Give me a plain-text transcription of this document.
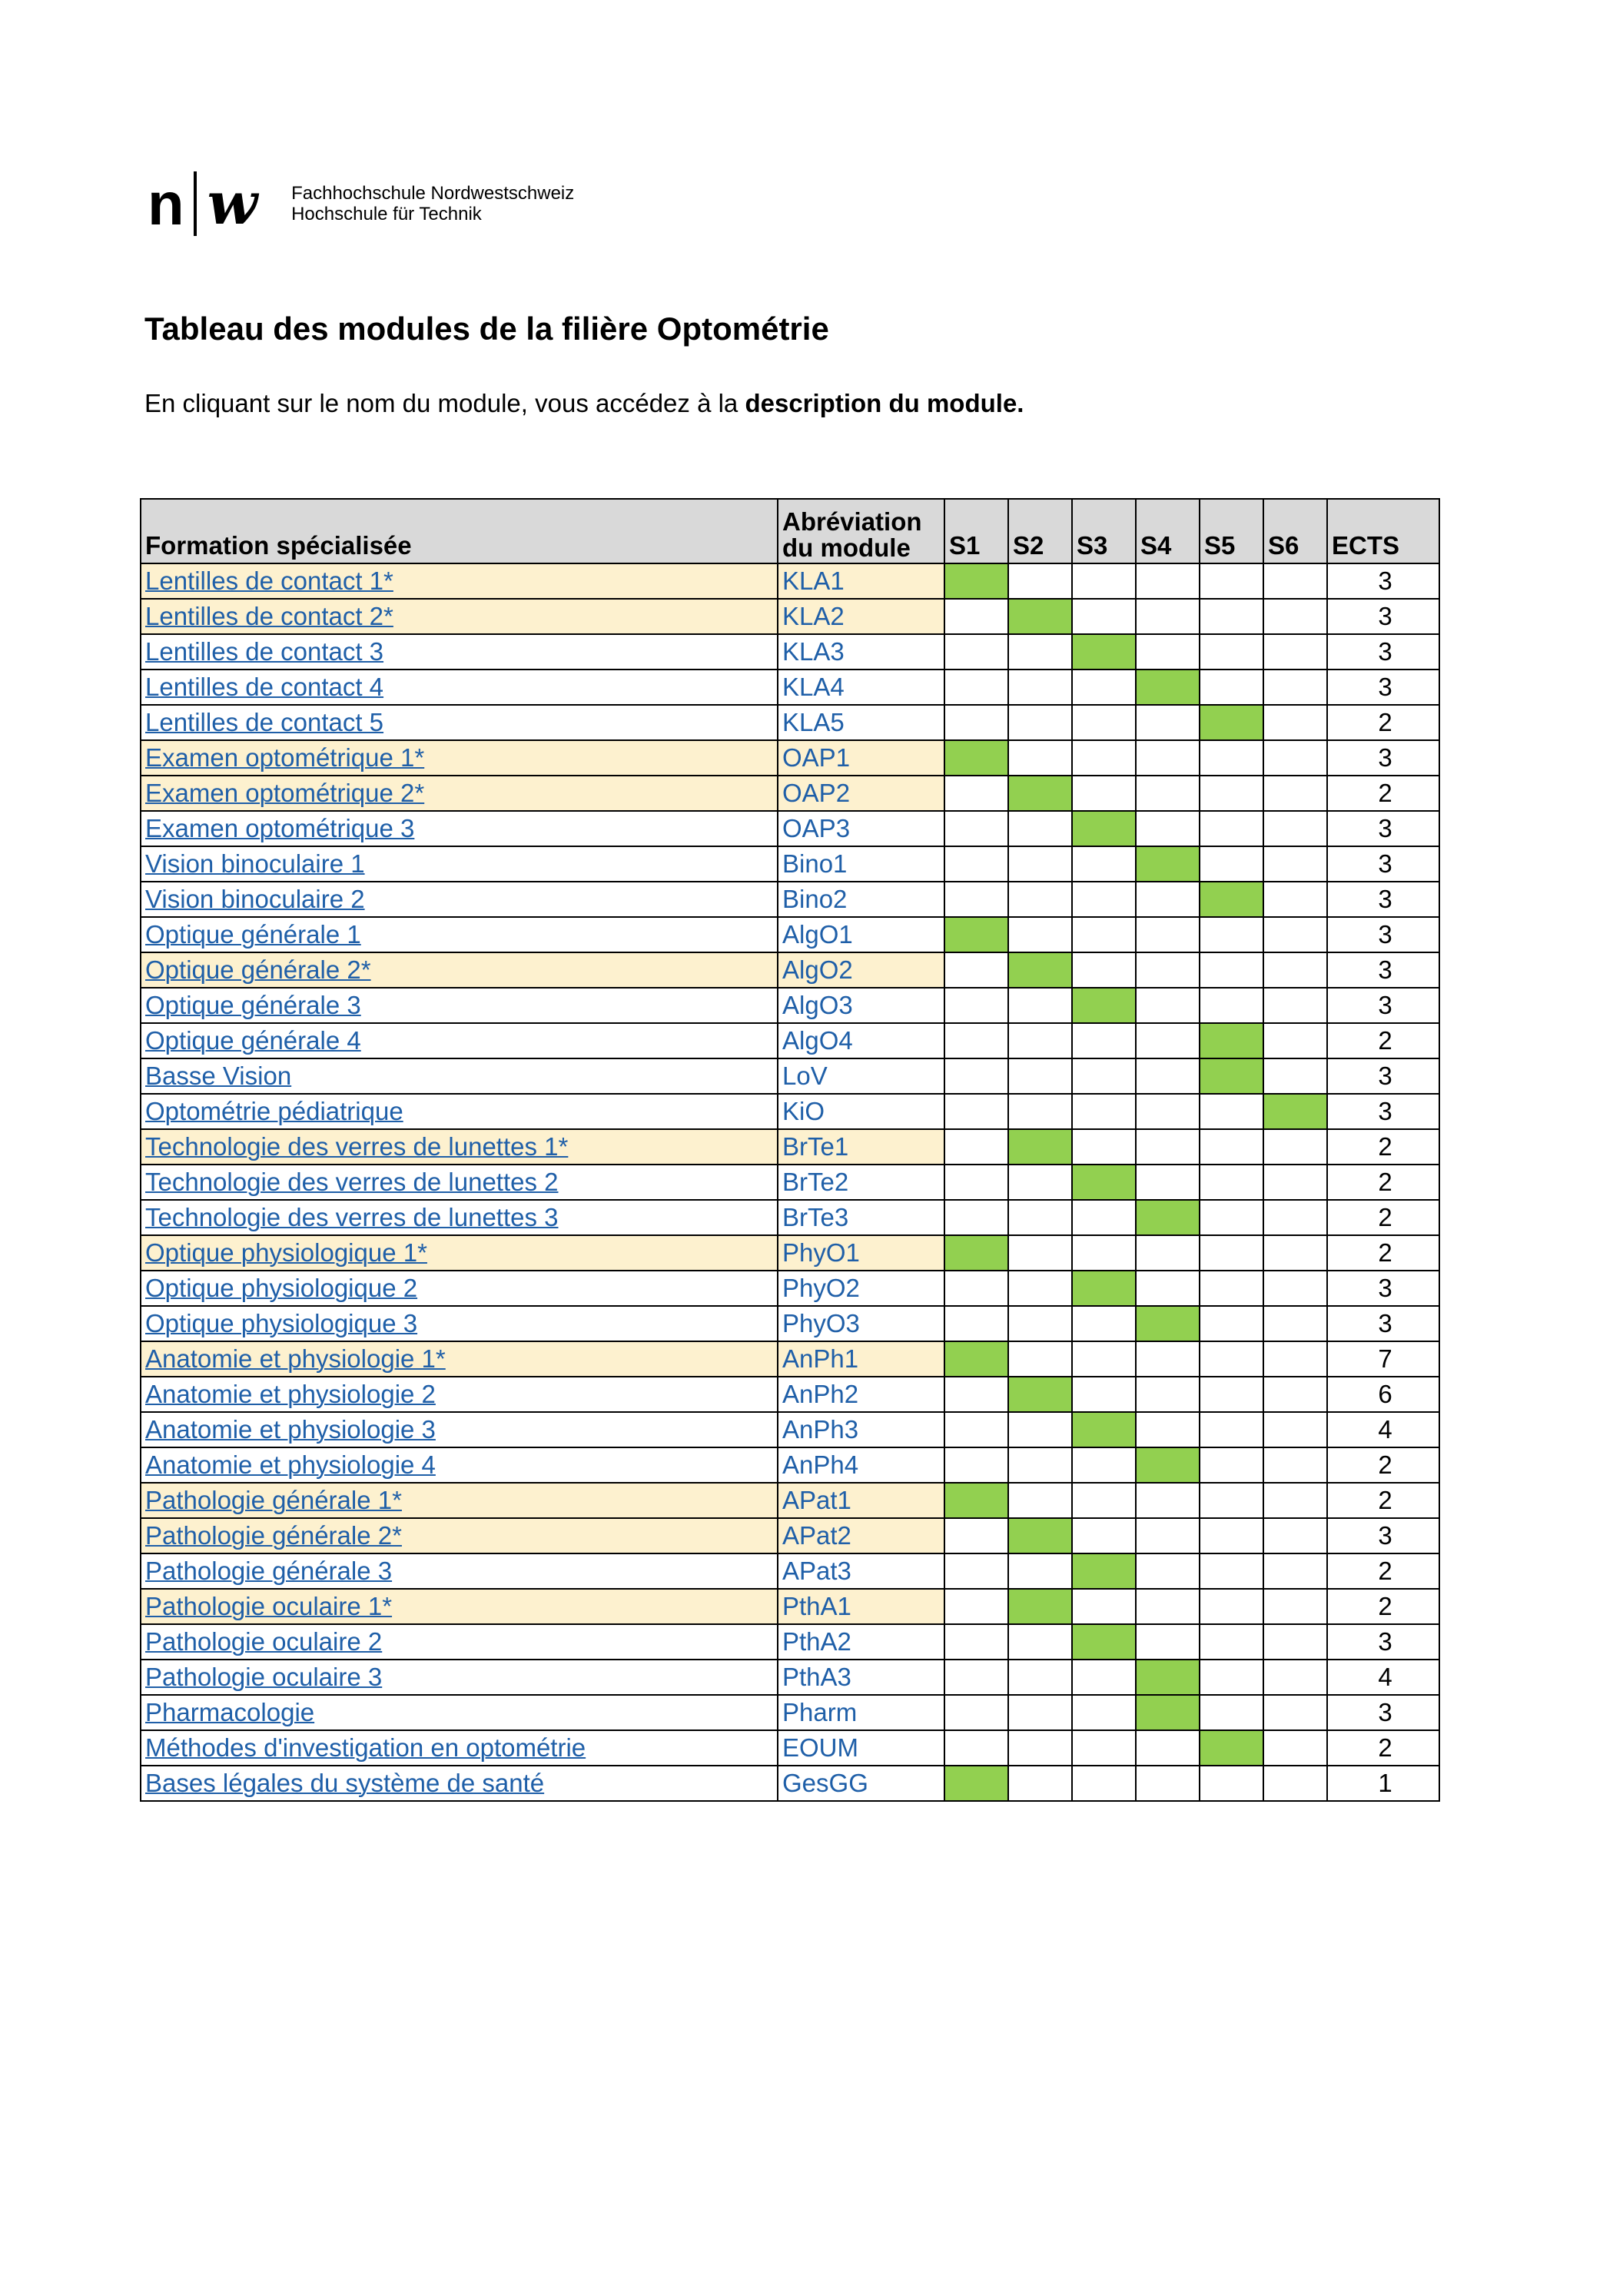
n w Fachhochschule Nordwestschweiz
Hochschule für Technik
Tableau des modules de la filière Optométrie
En cliquant sur le nom du module, vous accédez à la description du module.
Formation spécialisée	Abréviation
du module	S1	S2	S3	S4	S5	S6	ECTS
Lentilles de contact 1*	KLA1							3
Lentilles de contact 2*	KLA2							3
Lentilles de contact 3	KLA3							3
Lentilles de contact 4	KLA4							3
Lentilles de contact 5	KLA5							2
Examen optométrique 1*	OAP1							3
Examen optométrique 2*	OAP2							2
Examen optométrique 3	OAP3							3
Vision binoculaire 1	Bino1							3
Vision binoculaire 2	Bino2							3
Optique générale 1	AlgO1							3
Optique générale 2*	AlgO2							3
Optique générale 3	AlgO3							3
Optique générale 4	AlgO4							2
Basse Vision	LoV							3
Optométrie pédiatrique	KiO							3
Technologie des verres de lunettes 1*	BrTe1							2
Technologie des verres de lunettes 2	BrTe2							2
Technologie des verres de lunettes 3	BrTe3							2
Optique physiologique 1*	PhyO1							2
Optique physiologique 2	PhyO2							3
Optique physiologique 3	PhyO3							3
Anatomie et physiologie 1*	AnPh1							7
Anatomie et physiologie 2	AnPh2							6
Anatomie et physiologie 3	AnPh3							4
Anatomie et physiologie 4	AnPh4							2
Pathologie générale 1*	APat1							2
Pathologie générale 2*	APat2							3
Pathologie générale 3	APat3							2
Pathologie oculaire 1*	PthA1							2
Pathologie oculaire 2	PthA2							3
Pathologie oculaire 3	PthA3							4
Pharmacologie	Pharm							3
Méthodes d'investigation en optométrie	EOUM							2
Bases légales du système de santé	GesGG							1
